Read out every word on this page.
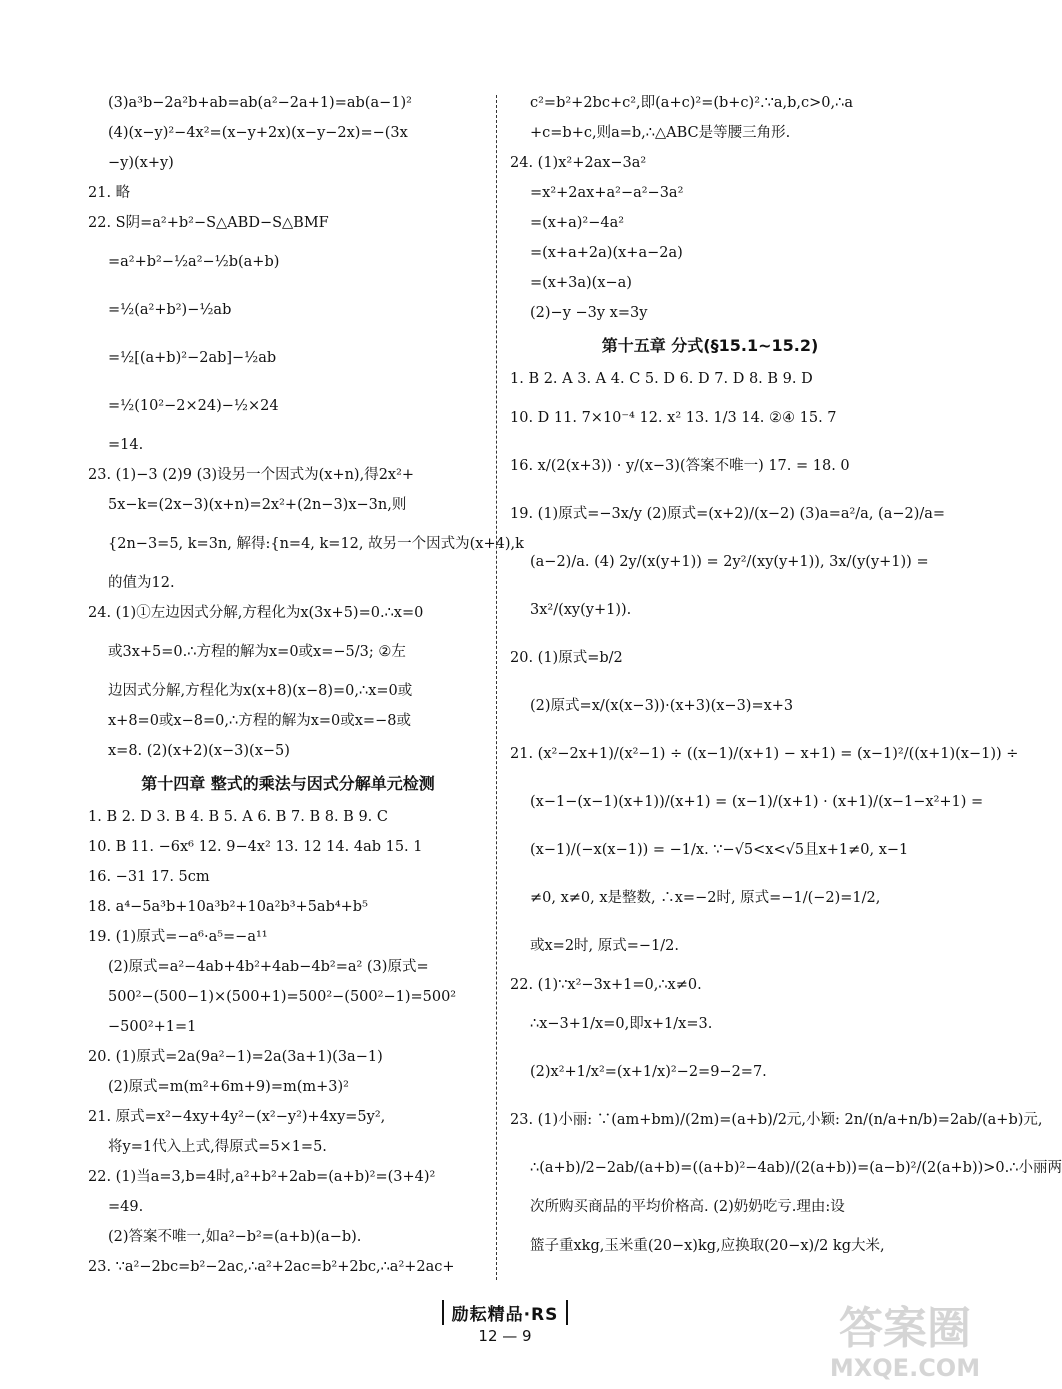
(3)a³b−2a²b+ab=ab(a²−2a+1)=ab(a−1)²
(4)(x−y)²−4x²=(x−y+2x)(x−y−2x)=−(3x
−y)(x+y)
21. 略
22. S阴=a²+b²−S△ABD−S△BMF
=a²+b²−½a²−½b(a+b)
=½(a²+b²)−½ab
=½[(a+b)²−2ab]−½ab
=½(10²−2×24)−½×24
=14.
23. (1)−3 (2)9 (3)设另一个因式为(x+n),得2x²+
5x−k=(2x−3)(x+n)=2x²+(2n−3)x−3n,则
{2n−3=5, k=3n, 解得:{n=4, k=12, 故另一个因式为(x+4),k
的值为12.
24. (1)①左边因式分解,方程化为x(3x+5)=0.∴x=0
或3x+5=0.∴方程的解为x=0或x=−5/3; ②左
边因式分解,方程化为x(x+8)(x−8)=0,∴x=0或
x+8=0或x−8=0,∴方程的解为x=0或x=−8或
x=8. (2)(x+2)(x−3)(x−5)
第十四章 整式的乘法与因式分解单元检测
1. B 2. D 3. B 4. B 5. A 6. B 7. B 8. B 9. C
10. B 11. −6x⁶ 12. 9−4x² 13. 12 14. 4ab 15. 1
16. −31 17. 5cm
18. a⁴−5a³b+10a³b²+10a²b³+5ab⁴+b⁵
19. (1)原式=−a⁶·a⁵=−a¹¹
(2)原式=a²−4ab+4b²+4ab−4b²=a² (3)原式=
500²−(500−1)×(500+1)=500²−(500²−1)=500²
−500²+1=1
20. (1)原式=2a(9a²−1)=2a(3a+1)(3a−1)
(2)原式=m(m²+6m+9)=m(m+3)²
21. 原式=x²−4xy+4y²−(x²−y²)+4xy=5y²,
将y=1代入上式,得原式=5×1=5.
22. (1)当a=3,b=4时,a²+b²+2ab=(a+b)²=(3+4)²
=49.
(2)答案不唯一,如a²−b²=(a+b)(a−b).
23. ∵a²−2bc=b²−2ac,∴a²+2ac=b²+2bc,∴a²+2ac+
c²=b²+2bc+c²,即(a+c)²=(b+c)².∵a,b,c>0,∴a
+c=b+c,则a=b,∴△ABC是等腰三角形.
24. (1)x²+2ax−3a²
=x²+2ax+a²−a²−3a²
=(x+a)²−4a²
=(x+a+2a)(x+a−2a)
=(x+3a)(x−a)
(2)−y −3y x=3y
第十五章 分式(§15.1~15.2)
1. B 2. A 3. A 4. C 5. D 6. D 7. D 8. B 9. D
10. D 11. 7×10⁻⁴ 12. x² 13. 1/3 14. ②④ 15. 7
16. x/(2(x+3)) · y/(x−3)(答案不唯一) 17. = 18. 0
19. (1)原式=−3x/y (2)原式=(x+2)/(x−2) (3)a=a²/a, (a−2)/a=
(a−2)/a. (4) 2y/(x(y+1)) = 2y²/(xy(y+1)), 3x/(y(y+1)) =
3x²/(xy(y+1)).
20. (1)原式=b/2
(2)原式=x/(x(x−3))·(x+3)(x−3)=x+3
21. (x²−2x+1)/(x²−1) ÷ ((x−1)/(x+1) − x+1) = (x−1)²/((x+1)(x−1)) ÷
(x−1−(x−1)(x+1))/(x+1) = (x−1)/(x+1) · (x+1)/(x−1−x²+1) =
(x−1)/(−x(x−1)) = −1/x. ∵−√5<x<√5且x+1≠0, x−1
≠0, x≠0, x是整数, ∴x=−2时, 原式=−1/(−2)=1/2,
或x=2时, 原式=−1/2.
22. (1)∵x²−3x+1=0,∴x≠0.
∴x−3+1/x=0,即x+1/x=3.
(2)x²+1/x²=(x+1/x)²−2=9−2=7.
23. (1)小丽: ∵(am+bm)/(2m)=(a+b)/2元,小颖: 2n/(n/a+n/b)=2ab/(a+b)元,
∴(a+b)/2−2ab/(a+b)=((a+b)²−4ab)/(2(a+b))=(a−b)²/(2(a+b))>0.∴小丽两
次所购买商品的平均价格高. (2)奶奶吃亏.理由:设
篮子重xkg,玉米重(20−x)kg,应换取(20−x)/2 kg大米,
励耘精品·RS
12 — 9	答案圈
MXQE.COM
